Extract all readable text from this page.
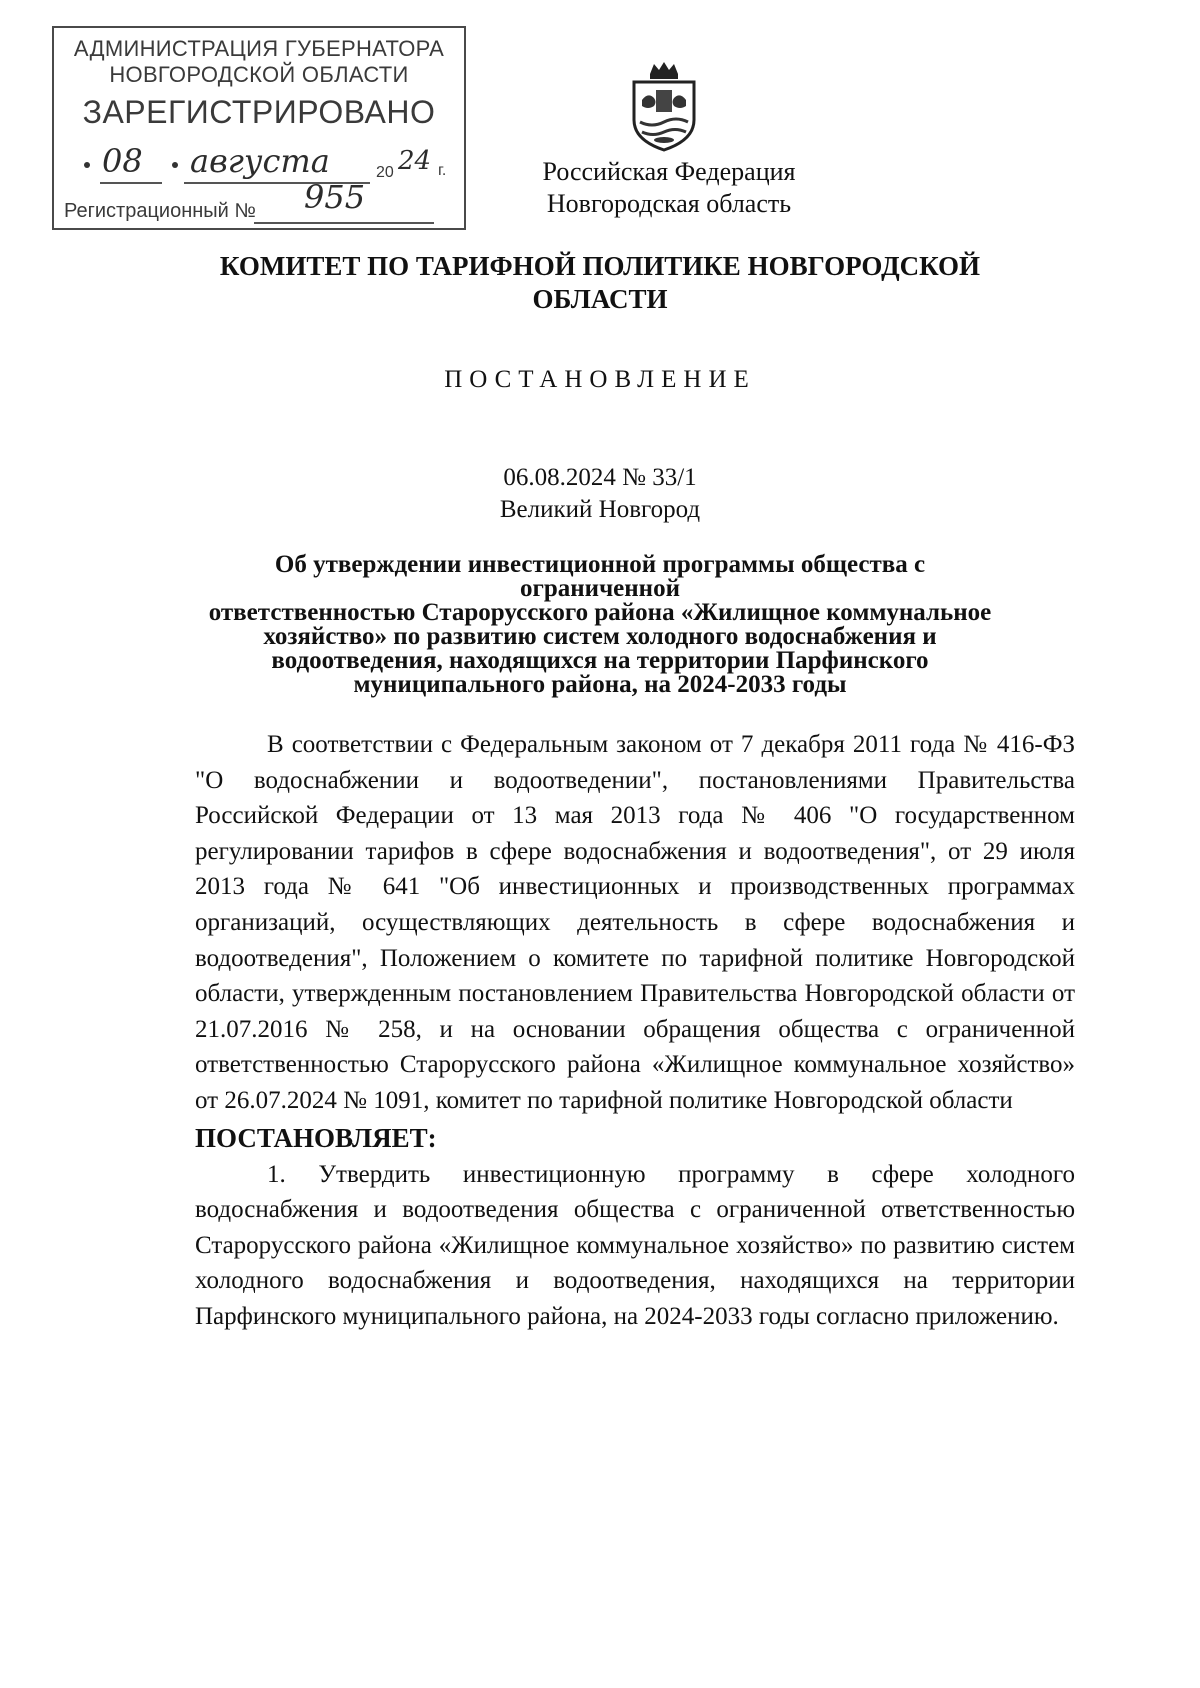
АДМИНИСТРАЦИЯ ГУБЕРНАТОРА
НОВГОРОДСКОЙ ОБЛАСТИ
ЗАРЕГИСТРИРОВАНО
08 августа	20 24 г.
Регистрационный № 955
Российская Федерация
Новгородская область
КОМИТЕТ ПО ТАРИФНОЙ ПОЛИТИКЕ НОВГОРОДСКОЙ
ОБЛАСТИ
ПОСТАНОВЛЕНИЕ
06.08.2024 № 33/1
Великий Новгород
Об утверждении инвестиционной программы общества с ограниченной
ответственностью Старорусского района «Жилищное коммунальное
хозяйство» по развитию систем холодного водоснабжения и
водоотведения, находящихся на территории Парфинского
муниципального района, на 2024-2033 годы

В соответствии с Федеральным законом от 7 декабря 2011 года № 416-ФЗ "О водоснабжении и водоотведении", постановлениями Правительства Российской Федерации от 13 мая 2013 года № 406 "О государственном регулировании тарифов в сфере водоснабжения и водоотведения", от 29 июля 2013 года № 641 "Об инвестиционных и производственных программах организаций, осуществляющих деятельность в сфере водоснабжения и водоотведения", Положением о комитете по тарифной политике Новгородской области, утвержденным постановлением Правительства Новгородской области от 21.07.2016 № 258, и на основании обращения общества с ограниченной ответственностью Старорусского района «Жилищное коммунальное хозяйство» от 26.07.2024 № 1091, комитет по тарифной политике Новгородской области

ПОСТАНОВЛЯЕТ:

1. Утвердить инвестиционную программу в сфере холодного водоснабжения и водоотведения общества с ограниченной ответственностью Старорусского района «Жилищное коммунальное хозяйство» по развитию систем холодного водоснабжения и водоотведения, находящихся на территории Парфинского муниципального района, на 2024-2033 годы согласно приложению.
